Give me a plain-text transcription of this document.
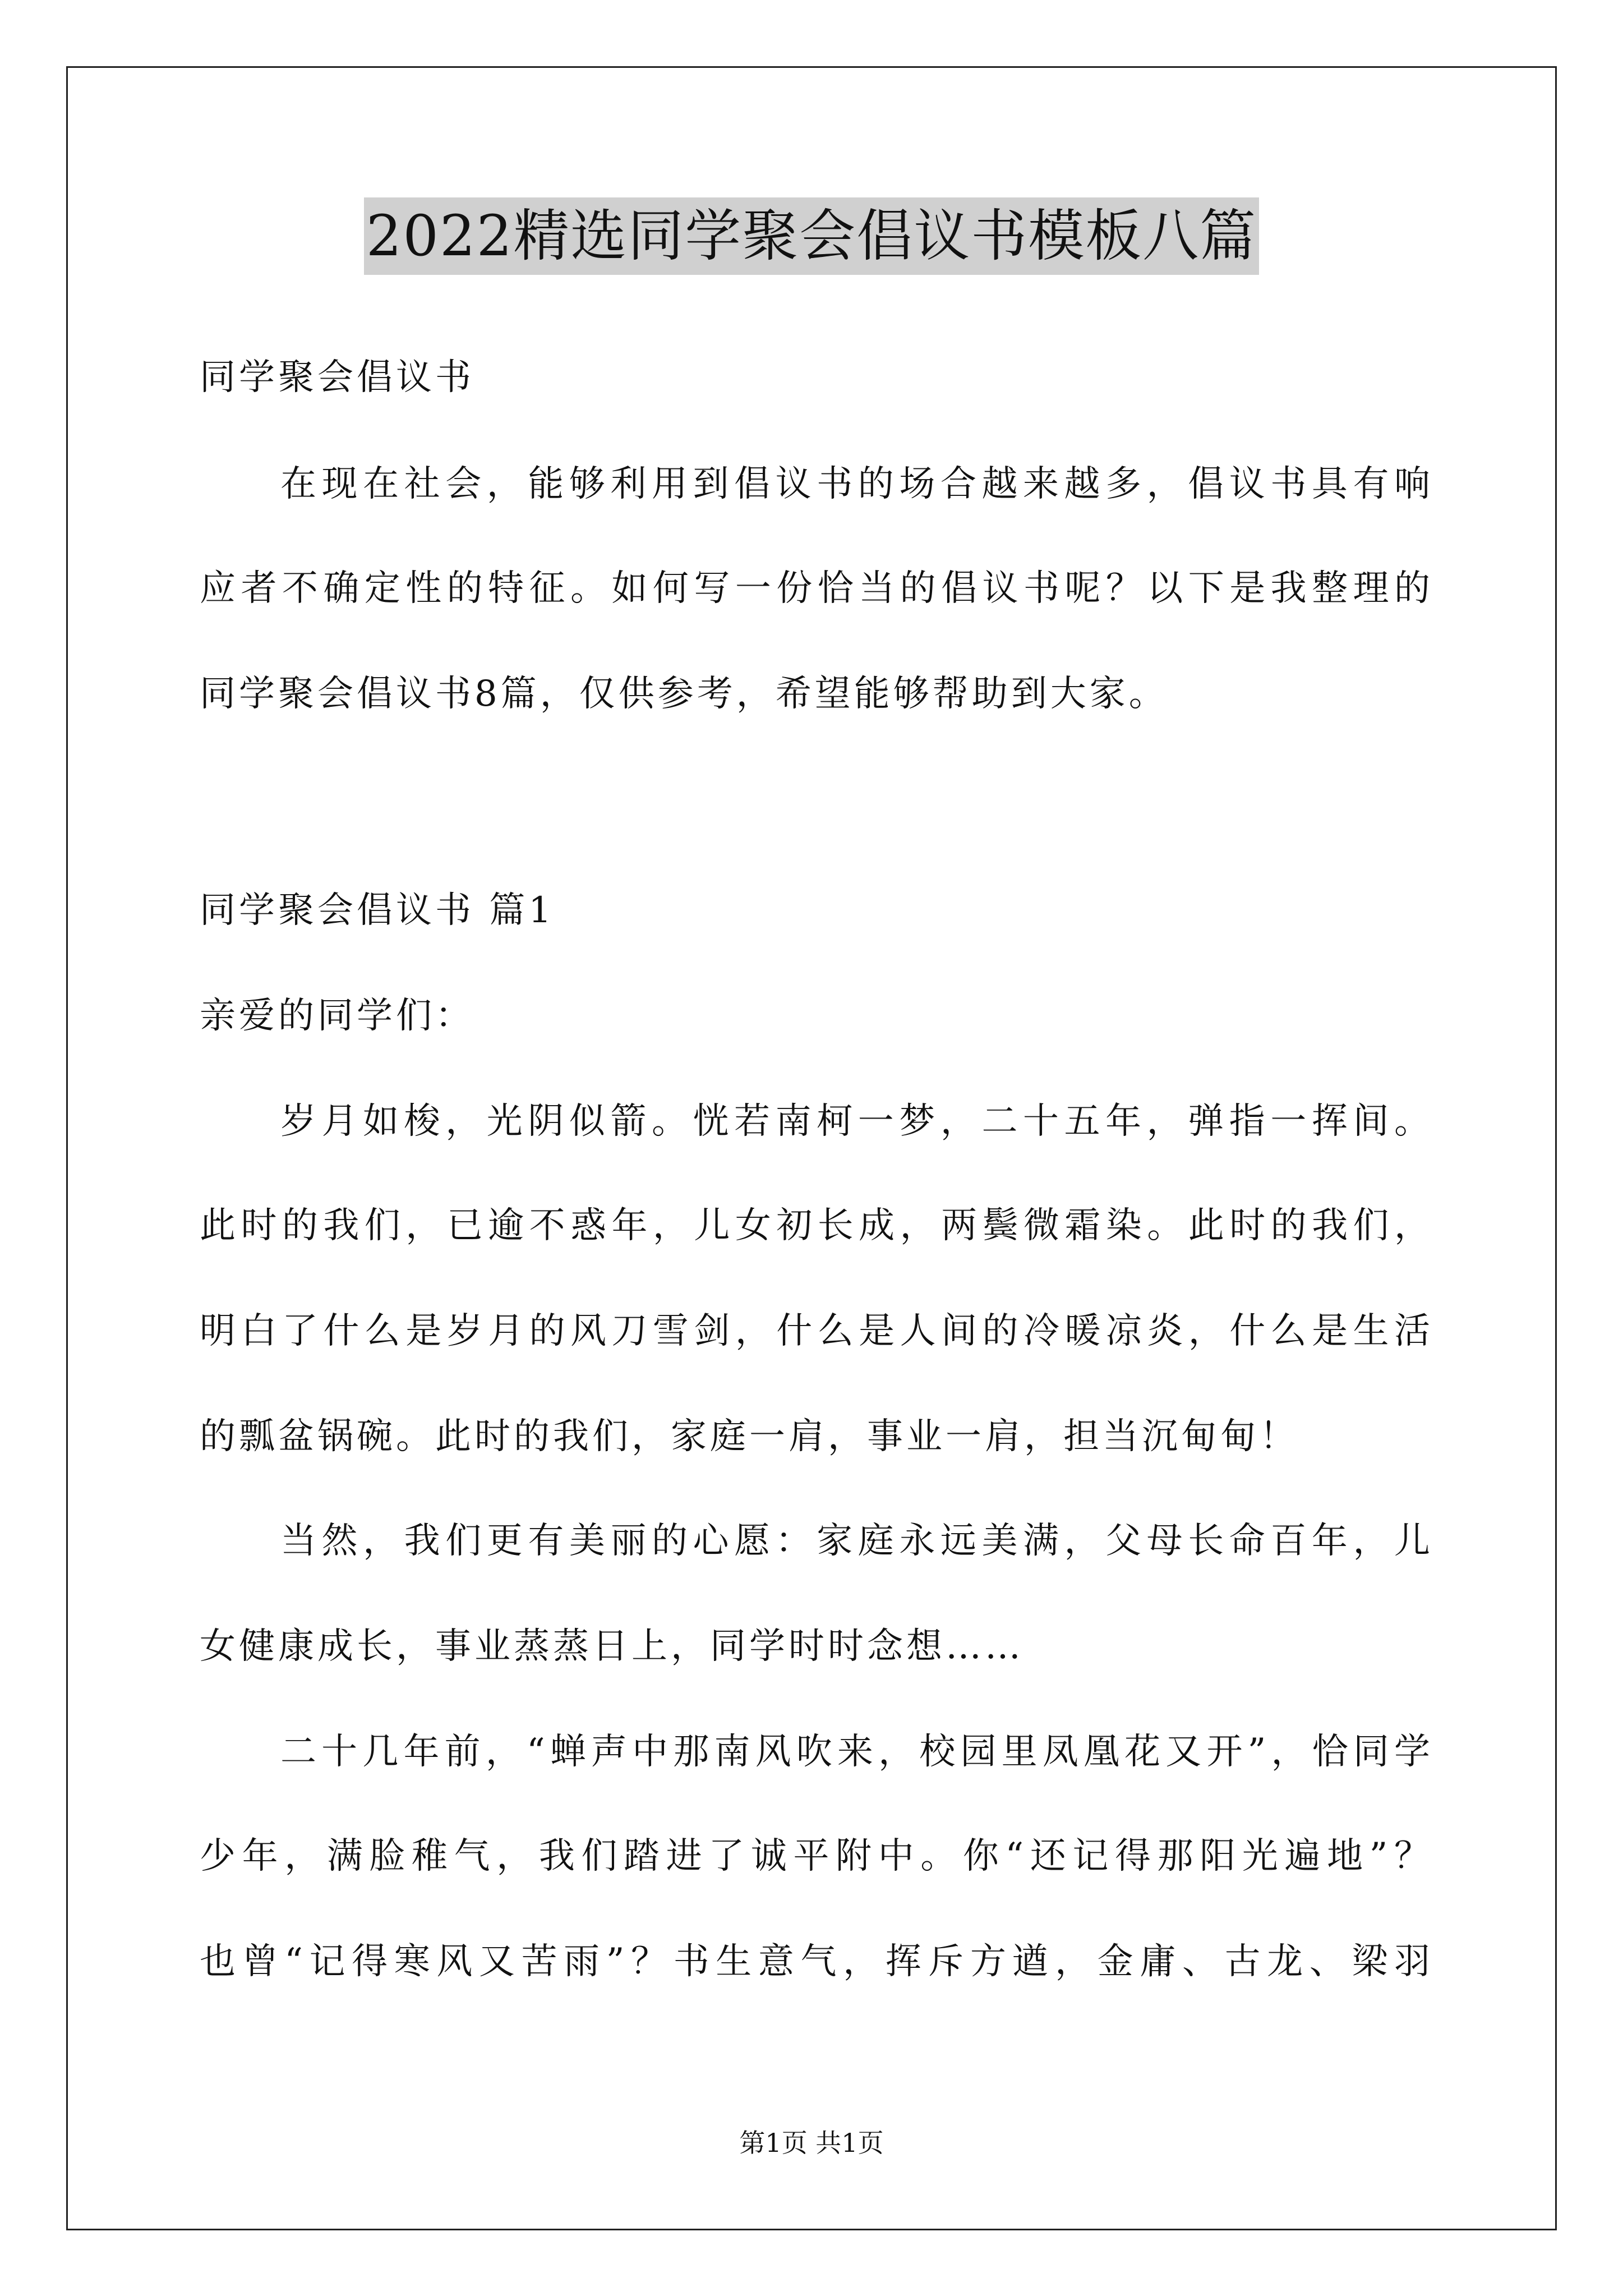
2022精选同学聚会倡议书模板八篇
同学聚会倡议书
在现在社会，能够利用到倡议书的场合越来越多，倡议书具有响
应者不确定性的特征。如何写一份恰当的倡议书呢？以下是我整理的
同学聚会倡议书8篇，仅供参考，希望能够帮助到大家。
同学聚会倡议书 篇1
亲爱的同学们：
岁月如梭，光阴似箭。恍若南柯一梦，二十五年，弹指一挥间。
此时的我们，已逾不惑年，儿女初长成，两鬓微霜染。此时的我们，
明白了什么是岁月的风刀雪剑，什么是人间的冷暖凉炎，什么是生活
的瓢盆锅碗。此时的我们，家庭一肩，事业一肩，担当沉甸甸！
当然，我们更有美丽的心愿：家庭永远美满，父母长命百年，儿
女健康成长，事业蒸蒸日上，同学时时念想……
二十几年前，“蝉声中那南风吹来，校园里凤凰花又开”，恰同学
少年，满脸稚气，我们踏进了诚平附中。你“还记得那阳光遍地”？
也曾“记得寒风又苦雨”？书生意气，挥斥方遒，金庸、古龙、梁羽
第1页 共1页
